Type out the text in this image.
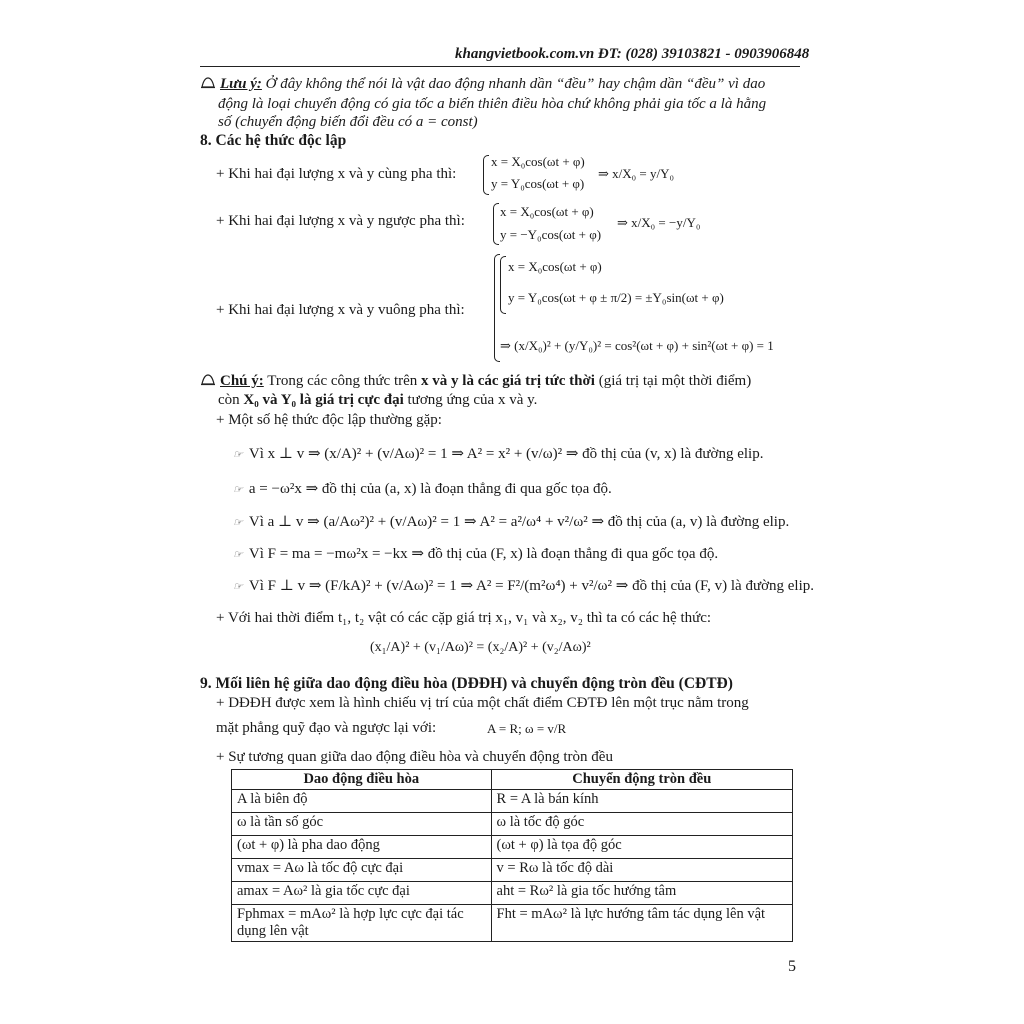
khangvietbook.com.vn ĐT: (028) 39103821 - 0903906848
Lưu ý: Ở đây không thể nói là vật dao động nhanh dần “đều” hay chậm dần “đều” vì dao
động là loại chuyển động có gia tốc a biến thiên điều hòa chứ không phải gia tốc a là hằng
số (chuyển động biến đổi đều có a = const)
8. Các hệ thức độc lập
+ Khi hai đại lượng x và y cùng pha thì:
x = X₀cos(ωt + φ)
y = Y₀cos(ωt + φ)
⇒ x/X₀ = y/Y₀
+ Khi hai đại lượng x và y ngược pha thì:
x = X₀cos(ωt + φ)
y = −Y₀cos(ωt + φ)
⇒ x/X₀ = −y/Y₀
+ Khi hai đại lượng x và y vuông pha thì:
x = X₀cos(ωt + φ)
y = Y₀cos(ωt + φ ± π/2) = ±Y₀sin(ωt + φ)
⇒ (x/X₀)² + (y/Y₀)² = cos²(ωt + φ) + sin²(ωt + φ) = 1
Chú ý: Trong các công thức trên x và y là các giá trị tức thời (giá trị tại một thời điểm)
còn X₀ và Y₀ là giá trị cực đại tương ứng của x và y.
+ Một số hệ thức độc lập thường gặp:
☞ Vì x ⊥ v ⇒ (x/A)² + (v/Aω)² = 1 ⇒ A² = x² + (v/ω)² ⇒ đồ thị của (v, x) là đường elip.
☞ a = −ω²x ⇒ đồ thị của (a, x) là đoạn thẳng đi qua gốc tọa độ.
☞ Vì a ⊥ v ⇒ (a/Aω²)² + (v/Aω)² = 1 ⇒ A² = a²/ω⁴ + v²/ω² ⇒ đồ thị của (a, v) là đường elip.
☞ Vì F = ma = −mω²x = −kx ⇒ đồ thị của (F, x) là đoạn thẳng đi qua gốc tọa độ.
☞ Vì F ⊥ v ⇒ (F/kA)² + (v/Aω)² = 1 ⇒ A² = F²/(m²ω⁴) + v²/ω² ⇒ đồ thị của (F, v) là đường elip.
+ Với hai thời điểm t₁, t₂ vật có các cặp giá trị x₁, v₁ và x₂, v₂ thì ta có các hệ thức:
(x₁/A)² + (v₁/Aω)² = (x₂/A)² + (v₂/Aω)²
9. Mối liên hệ giữa dao động điều hòa (DĐĐH) và chuyển động tròn đều (CĐTĐ)
+ DĐĐH được xem là hình chiếu vị trí của một chất điểm CĐTĐ lên một trục nằm trong
mặt phẳng quỹ đạo và ngược lại với:	A = R; ω = v/R
+ Sự tương quan giữa dao động điều hòa và chuyển động tròn đều
Dao động điều hòa	Chuyển động tròn đều
A là biên độ	R = A là bán kính
ω là tần số góc	ω là tốc độ góc
(ωt + φ) là pha dao động	(ωt + φ) là tọa độ góc
vmax = Aω là tốc độ cực đại	v = Rω là tốc độ dài
amax = Aω² là gia tốc cực đại	aht = Rω² là gia tốc hướng tâm
Fphmax = mAω² là hợp lực cực đại tác dụng lên vật	Fht = mAω² là lực hướng tâm tác dụng lên vật
5
